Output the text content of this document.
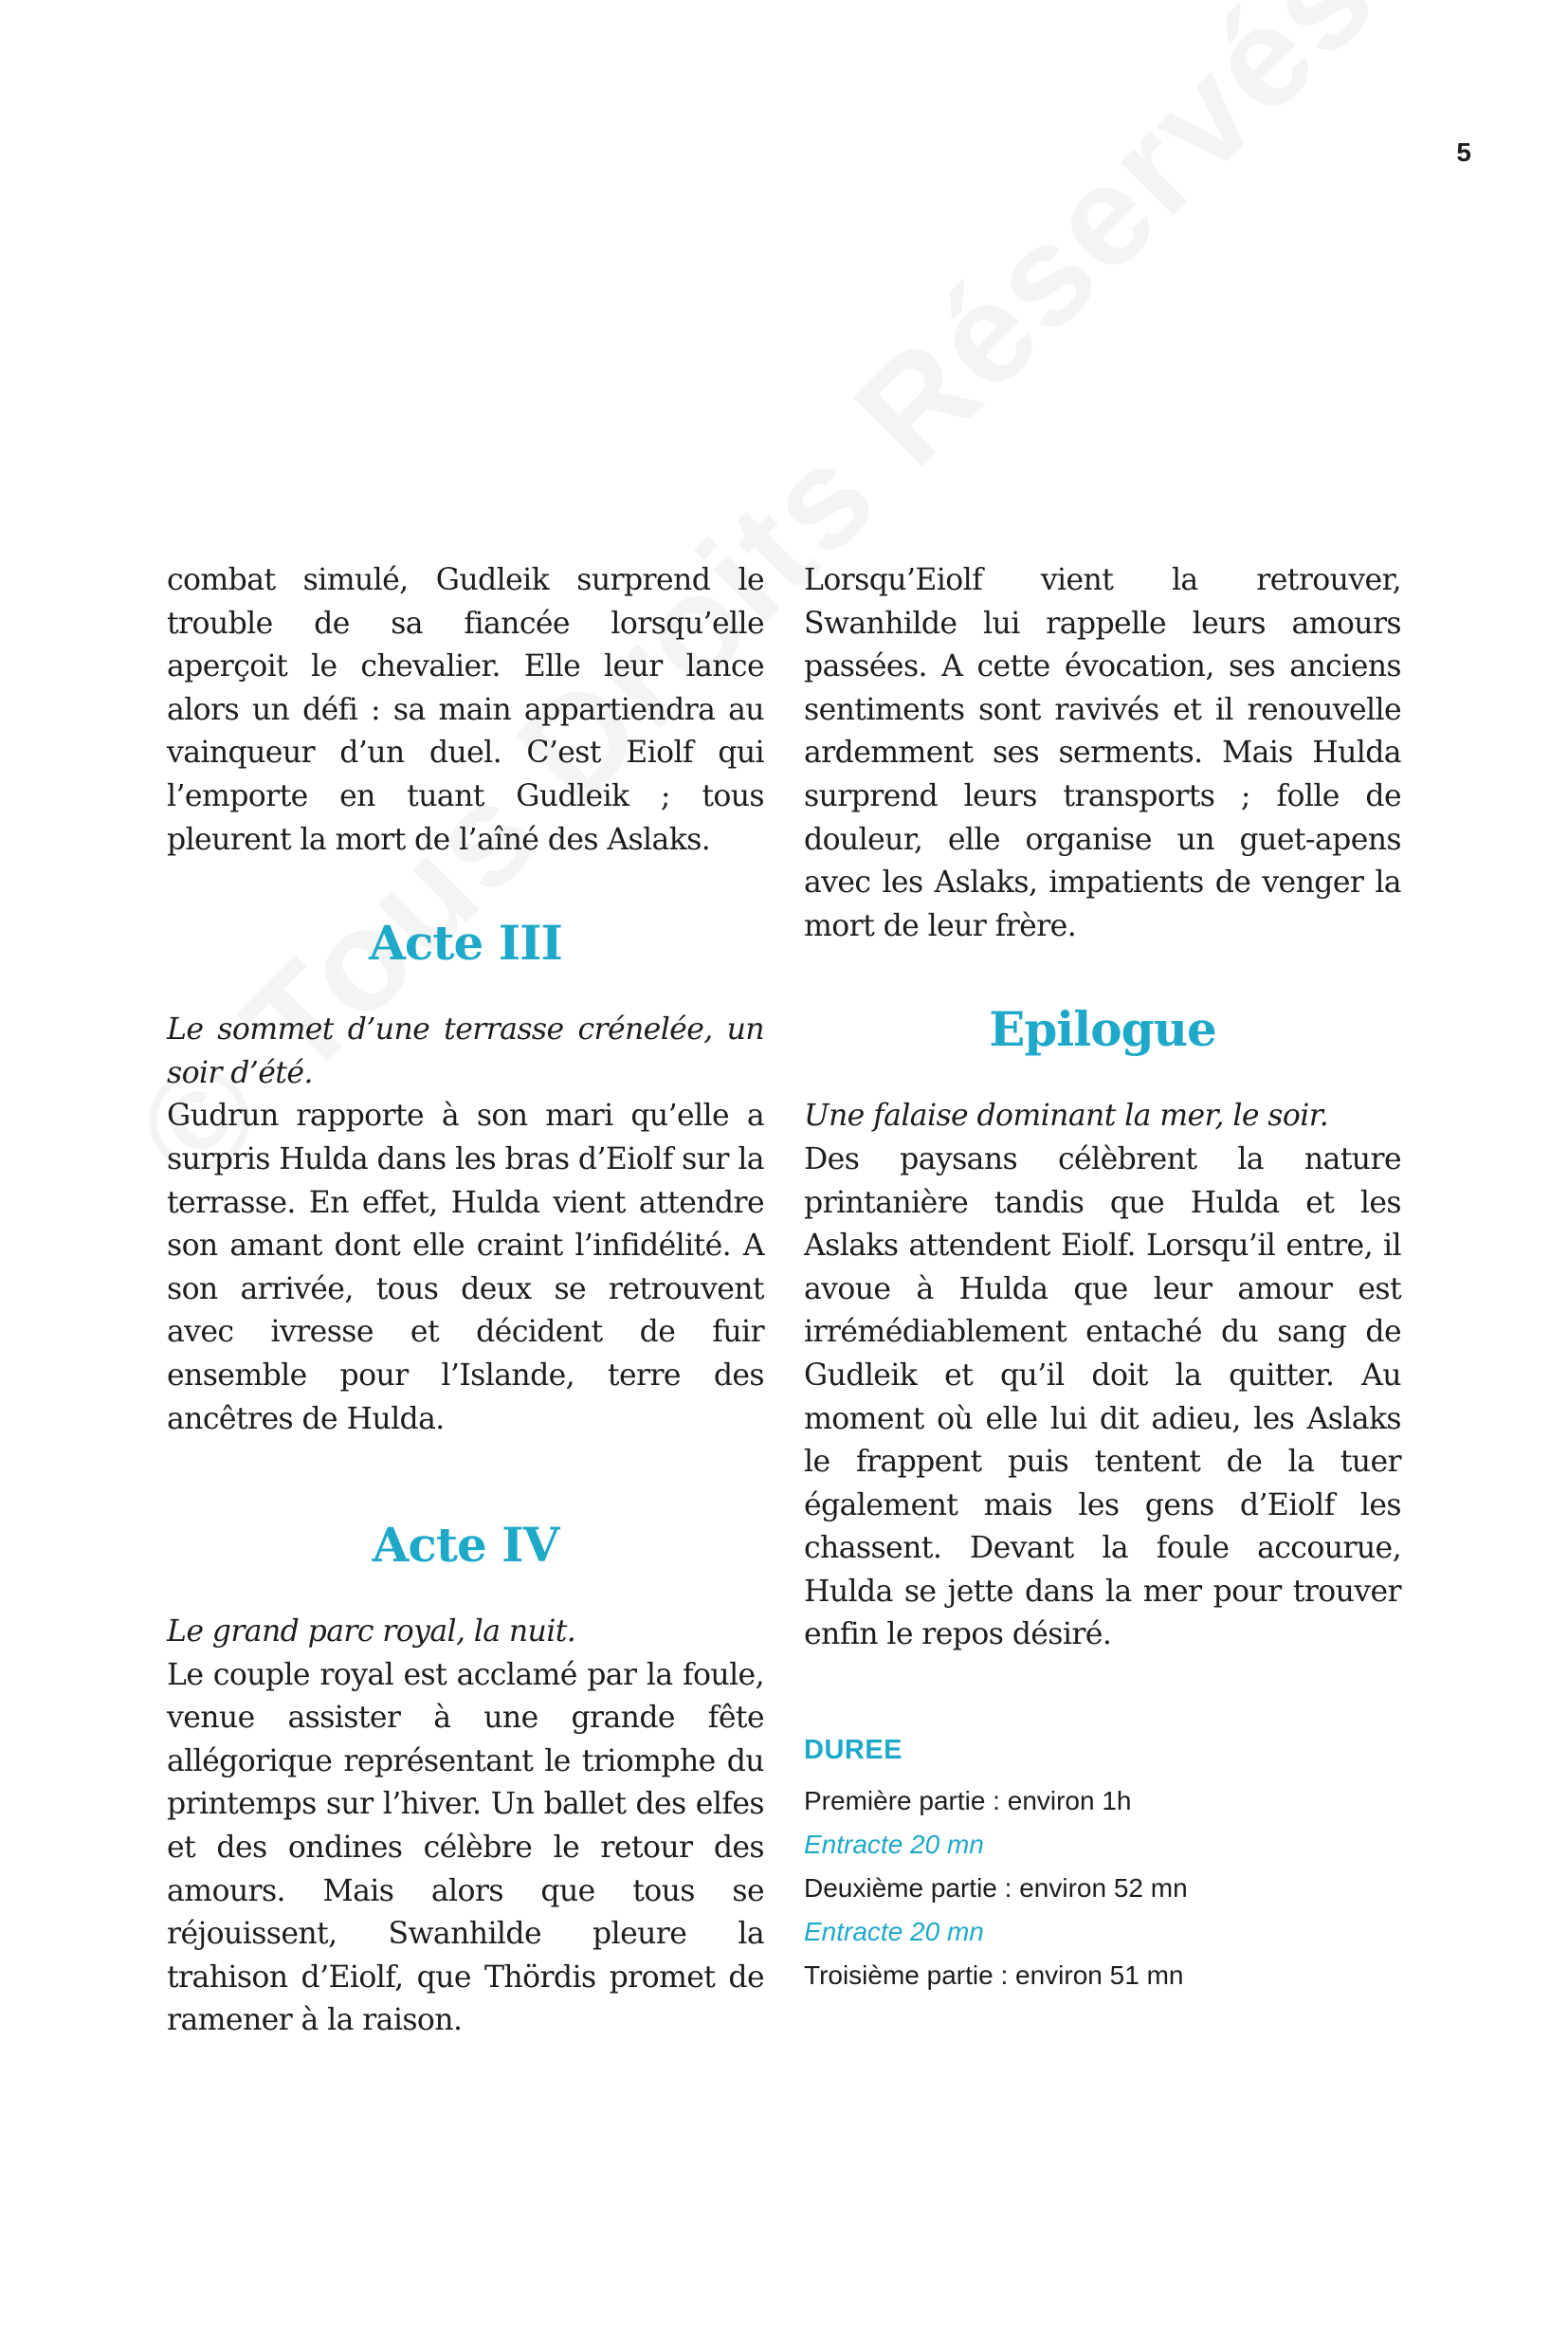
5

combat simulé, Gudleik surprend le trouble de sa fiancée lorsqu’elle aperçoit le chevalier. Elle leur lance alors un défi : sa main appartiendra au vainqueur d’un duel. C’est Eiolf qui l’emporte en tuant Gudleik ; tous pleurent la mort de l’aîné des Aslaks.

Acte III

Le sommet d’une terrasse crénelée, un soir d’été.

Gudrun rapporte à son mari qu’elle a surpris Hulda dans les bras d’Eiolf sur la terrasse. En effet, Hulda vient attendre son amant dont elle craint l’infidélité. A son arrivée, tous deux se retrouvent avec ivresse et décident de fuir ensemble pour l’Islande, terre des ancêtres de Hulda.

Acte IV

Le grand parc royal, la nuit.

Le couple royal est acclamé par la foule, venue assister à une grande fête allégorique représentant le triomphe du printemps sur l’hiver. Un ballet des elfes et des ondines célèbre le retour des amours. Mais alors que tous se réjouissent, Swanhilde pleure la trahison d’Eiolf, que Thördis promet de ramener à la raison.

Lorsqu’Eiolf vient la retrouver, Swanhilde lui rappelle leurs amours passées. A cette évocation, ses anciens sentiments sont ravivés et il renouvelle ardemment ses serments. Mais Hulda surprend leurs transports ; folle de douleur, elle organise un guet-apens avec les Aslaks, impatients de venger la mort de leur frère.

Epilogue

Une falaise dominant la mer, le soir.

Des paysans célèbrent la nature printanière tandis que Hulda et les Aslaks attendent Eiolf. Lorsqu’il entre, il avoue à Hulda que leur amour est irrémédiablement entaché du sang de Gudleik et qu’il doit la quitter. Au moment où elle lui dit adieu, les Aslaks le frappent puis tentent de la tuer également mais les gens d’Eiolf les chassent. Devant la foule accourue, Hulda se jette dans la mer pour trouver enfin le repos désiré.

DUREE

Première partie : environ 1h

Entracte 20 mn

Deuxième partie : environ 52 mn

Entracte 20 mn

Troisième partie : environ 51 mn
